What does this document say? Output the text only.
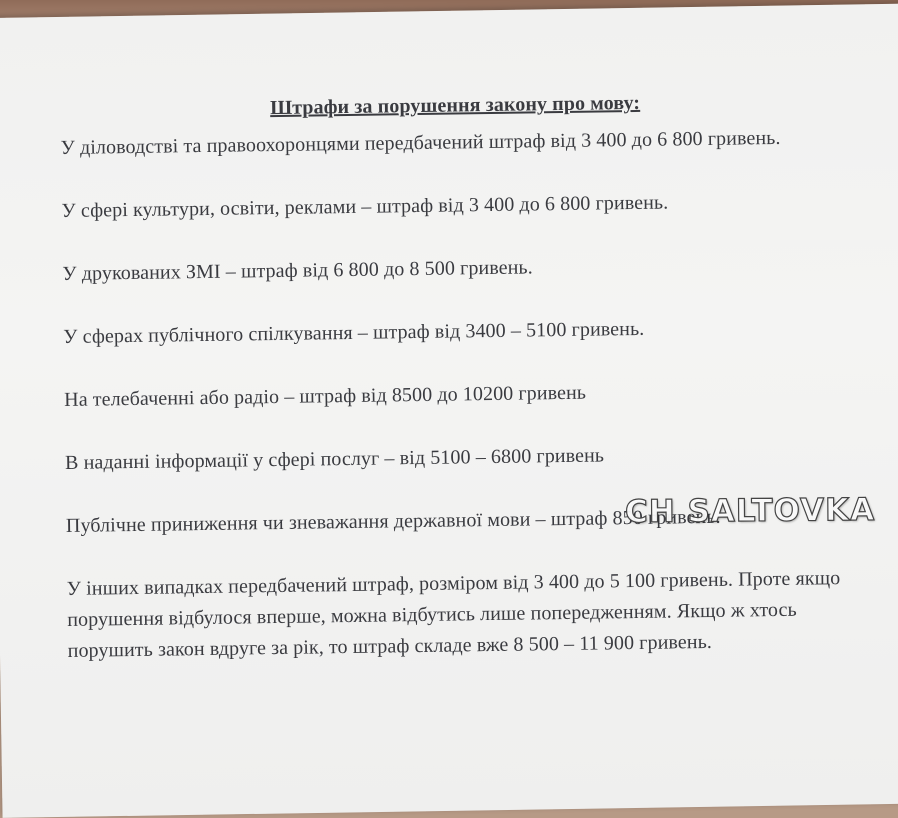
Штрафи за порушення закону про мову:

У діловодстві та правоохоронцями передбачений штраф від 3 400 до 6 800 гривень.

У сфері культури, освіти, реклами – штраф від 3 400 до 6 800 гривень.

У друкованих ЗМІ – штраф від 6 800 до 8 500 гривень.

У сферах публічного спілкування – штраф від 3400 – 5100 гривень.

На телебаченні або радіо – штраф від 8500 до 10200 гривень

В наданні інформації у сфері послуг – від 5100 – 6800 гривень

Публічне приниження чи зневажання державної мови – штраф 850 гривень.

У інших випадках передбачений штраф, розміром від 3 400 до 5 100 гривень. Проте якщо порушення відбулося вперше, можна відбутись лише попередженням. Якщо ж хтось порушить закон вдруге за рік, то штраф складе вже 8 500 – 11 900 гривень.

CH SALTOVKA
